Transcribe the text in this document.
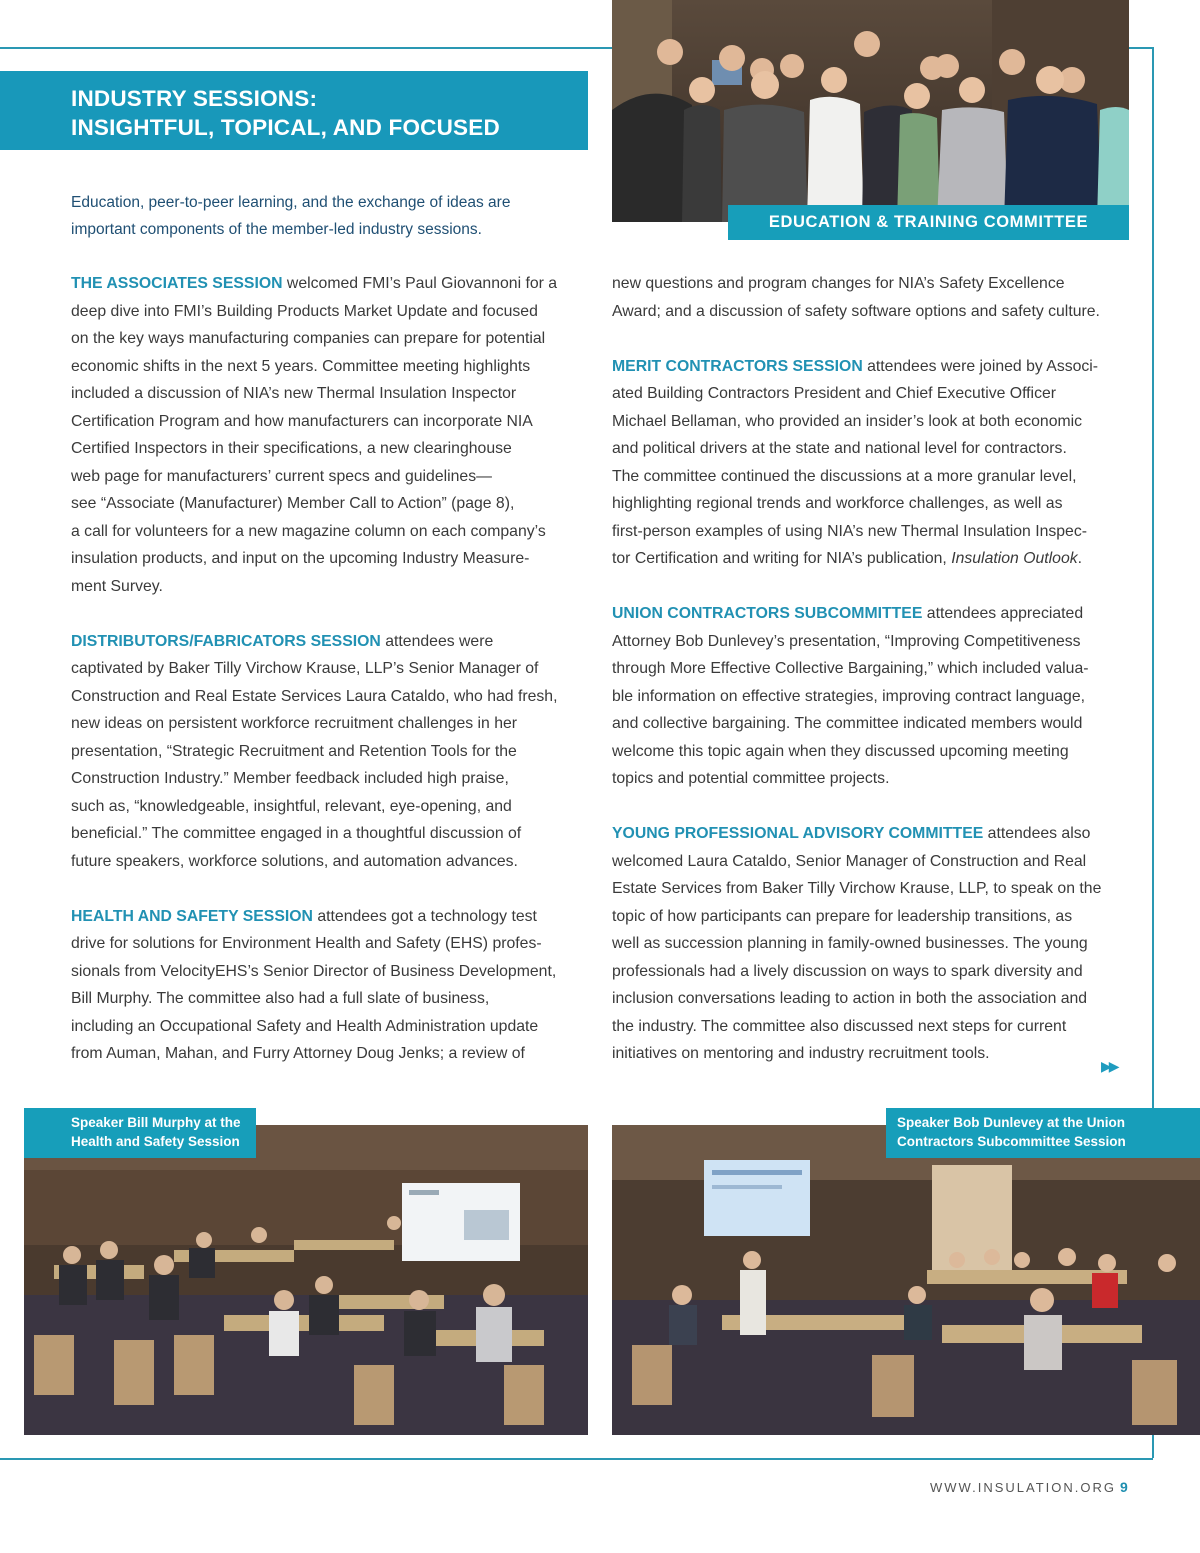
INDUSTRY SESSIONS:
INSIGHTFUL, TOPICAL, AND FOCUSED
EDUCATION & TRAINING COMMITTEE
Education, peer-to-peer learning, and the exchange of ideas are
important components of the member-led industry sessions.

THE ASSOCIATES SESSION welcomed FMI’s Paul Giovannoni for a
deep dive into FMI’s Building Products Market Update and focused
on the key ways manufacturing companies can prepare for potential
economic shifts in the next 5 years. Committee meeting highlights
included a discussion of NIA’s new Thermal Insulation Inspector
Certification Program and how manufacturers can incorporate NIA
Certified Inspectors in their specifications, a new clearinghouse
web page for manufacturers’ current specs and guidelines—
see “Associate (Manufacturer) Member Call to Action” (page 8),
a call for volunteers for a new magazine column on each company’s
insulation products, and input on the upcoming Industry Measure-
ment Survey.

DISTRIBUTORS/FABRICATORS SESSION attendees were
captivated by Baker Tilly Virchow Krause, LLP’s Senior Manager of
Construction and Real Estate Services Laura Cataldo, who had fresh,
new ideas on persistent workforce recruitment challenges in her
presentation, “Strategic Recruitment and Retention Tools for the
Construction Industry.” Member feedback included high praise,
such as, “knowledgeable, insightful, relevant, eye-opening, and
beneficial.” The committee engaged in a thoughtful discussion of
future speakers, workforce solutions, and automation advances.

HEALTH AND SAFETY SESSION attendees got a technology test
drive for solutions for Environment Health and Safety (EHS) profes-
sionals from VelocityEHS’s Senior Director of Business Development,
Bill Murphy. The committee also had a full slate of business,
including an Occupational Safety and Health Administration update
from Auman, Mahan, and Furry Attorney Doug Jenks; a review of

new questions and program changes for NIA’s Safety Excellence
Award; and a discussion of safety software options and safety culture.

MERIT CONTRACTORS SESSION attendees were joined by Associ-
ated Building Contractors President and Chief Executive Officer
Michael Bellaman, who provided an insider’s look at both economic
and political drivers at the state and national level for contractors.
The committee continued the discussions at a more granular level,
highlighting regional trends and workforce challenges, as well as
first-person examples of using NIA’s new Thermal Insulation Inspec-
tor Certification and writing for NIA’s publication, Insulation Outlook.

UNION CONTRACTORS SUBCOMMITTEE attendees appreciated
Attorney Bob Dunlevey’s presentation, “Improving Competitiveness
through More Effective Collective Bargaining,” which included valua-
ble information on effective strategies, improving contract language,
and collective bargaining. The committee indicated members would
welcome this topic again when they discussed upcoming meeting
topics and potential committee projects.

YOUNG PROFESSIONAL ADVISORY COMMITTEE attendees also
welcomed Laura Cataldo, Senior Manager of Construction and Real
Estate Services from Baker Tilly Virchow Krause, LLP, to speak on the
topic of how participants can prepare for leadership transitions, as
well as succession planning in family-owned businesses. The young
professionals had a lively discussion on ways to spark diversity and
inclusion conversations leading to action in both the association and
the industry. The committee also discussed next steps for current
initiatives on mentoring and industry recruitment tools.

▶▶
Speaker Bill Murphy at the
Health and Safety Session
Speaker Bob Dunlevey at the Union
Contractors Subcommittee Session
WWW.INSULATION.ORG 9
